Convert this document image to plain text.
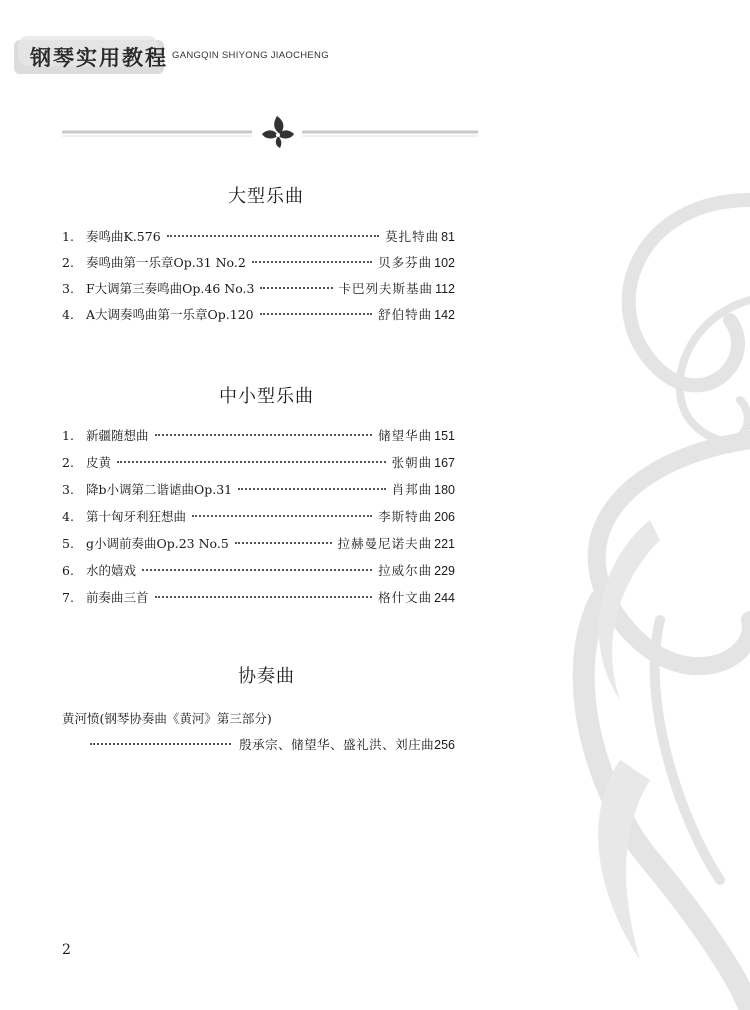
钢琴实用教程 GANGQIN SHIYONG JIAOCHENG
大型乐曲
1. 奏鸣曲K.576	莫扎特曲 81
2. 奏鸣曲第一乐章Op.31 No.2	贝多芬曲 102
3. F大调第三奏鸣曲Op.46 No.3	卡巴列夫斯基曲 112
4. A大调奏鸣曲第一乐章Op.120	舒伯特曲 142
中小型乐曲
1. 新疆随想曲	储望华曲 151
2. 皮黄	张朝曲 167
3. 降b小调第二谐谑曲Op.31	肖邦曲 180
4. 第十匈牙利狂想曲	李斯特曲 206
5. g小调前奏曲Op.23 No.5	拉赫曼尼诺夫曲 221
6. 水的嬉戏	拉威尔曲 229
7. 前奏曲三首	格什文曲 244
协奏曲
黄河愤(钢琴协奏曲《黄河》第三部分)
殷承宗、储望华、盛礼洪、刘庄曲 256
2
